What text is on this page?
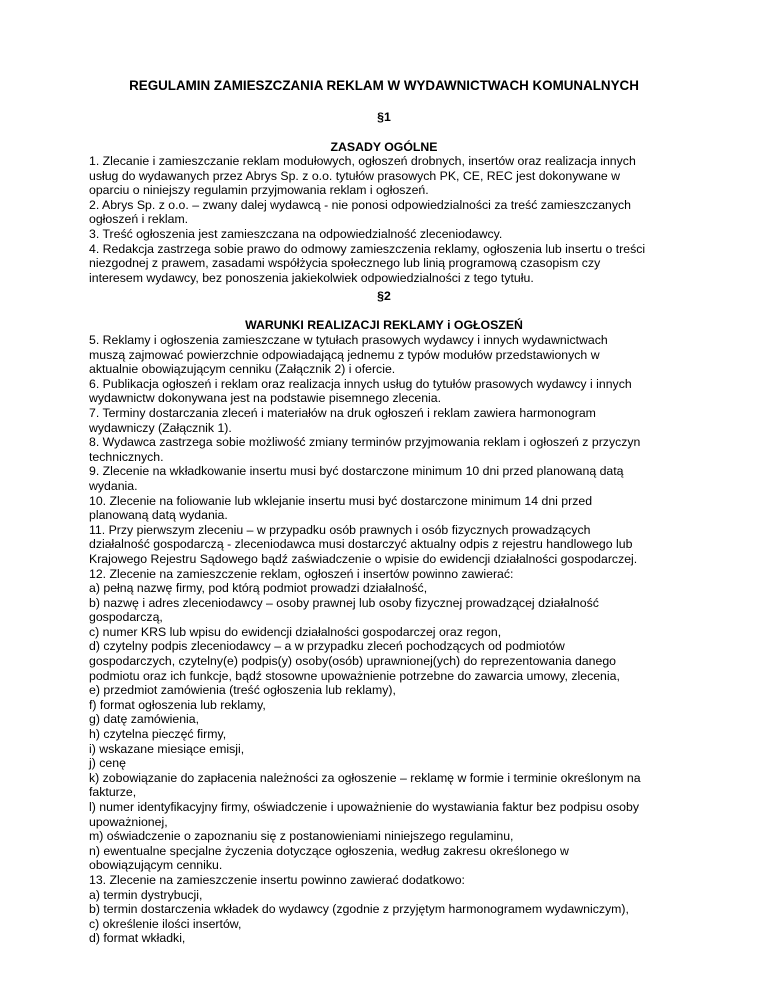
REGULAMIN ZAMIESZCZANIA REKLAM W WYDAWNICTWACH KOMUNALNYCH
§1
ZASADY OGÓLNE

1. Zlecanie i zamieszczanie reklam modułowych, ogłoszeń drobnych, insertów oraz realizacja innych

usług do wydawanych przez Abrys Sp. z o.o. tytułów prasowych PK, CE, REC jest dokonywane w

oparciu o niniejszy regulamin przyjmowania reklam i ogłoszeń.

2. Abrys Sp. z o.o. – zwany dalej wydawcą - nie ponosi odpowiedzialności za treść zamieszczanych

ogłoszeń i reklam.

3. Treść ogłoszenia jest zamieszczana na odpowiedzialność zleceniodawcy.

4. Redakcja zastrzega sobie prawo do odmowy zamieszczenia reklamy, ogłoszenia lub insertu o treści

niezgodnej z prawem, zasadami współżycia społecznego lub linią programową czasopism czy

interesem wydawcy, bez ponoszenia jakiekolwiek odpowiedzialności z tego tytułu.

§2
WARUNKI REALIZACJI REKLAMY i OGŁOSZEŃ

5. Reklamy i ogłoszenia zamieszczane w tytułach prasowych wydawcy i innych wydawnictwach

muszą zajmować powierzchnie odpowiadającą jednemu z typów modułów przedstawionych w

aktualnie obowiązującym cenniku (Załącznik 2) i ofercie.

6. Publikacja ogłoszeń i reklam oraz realizacja innych usług do tytułów prasowych wydawcy i innych

wydawnictw dokonywana jest na podstawie pisemnego zlecenia.

7. Terminy dostarczania zleceń i materiałów na druk ogłoszeń i reklam zawiera harmonogram

wydawniczy (Załącznik 1).

8. Wydawca zastrzega sobie możliwość zmiany terminów przyjmowania reklam i ogłoszeń z przyczyn

technicznych.

9. Zlecenie na wkładkowanie insertu musi być dostarczone minimum 10 dni przed planowaną datą

wydania.

10. Zlecenie na foliowanie lub wklejanie insertu musi być dostarczone minimum 14 dni przed

planowaną datą wydania.

11. Przy pierwszym zleceniu – w przypadku osób prawnych i osób fizycznych prowadzących

działalność gospodarczą - zleceniodawca musi dostarczyć aktualny odpis z rejestru handlowego lub

Krajowego Rejestru Sądowego bądź zaświadczenie o wpisie do ewidencji działalności gospodarczej.

12. Zlecenie na zamieszczenie reklam, ogłoszeń i insertów powinno zawierać:

a) pełną nazwę firmy, pod którą podmiot prowadzi działalność,

b) nazwę i adres zleceniodawcy – osoby prawnej lub osoby fizycznej prowadzącej działalność

gospodarczą,

c) numer KRS lub wpisu do ewidencji działalności gospodarczej oraz regon,

d) czytelny podpis zleceniodawcy – a w przypadku zleceń pochodzących od podmiotów

gospodarczych, czytelny(e) podpis(y) osoby(osób) uprawnionej(ych) do reprezentowania danego

podmiotu oraz ich funkcje, bądź stosowne upoważnienie potrzebne do zawarcia umowy, zlecenia,

e) przedmiot zamówienia (treść ogłoszenia lub reklamy),

f) format ogłoszenia lub reklamy,

g) datę zamówienia,

h) czytelna pieczęć firmy,

i) wskazane miesiące emisji,

j) cenę

k) zobowiązanie do zapłacenia należności za ogłoszenie – reklamę w formie i terminie określonym na

fakturze,

l) numer identyfikacyjny firmy, oświadczenie i upoważnienie do wystawiania faktur bez podpisu osoby

upoważnionej,

m) oświadczenie o zapoznaniu się z postanowieniami niniejszego regulaminu,

n) ewentualne specjalne życzenia dotyczące ogłoszenia, według zakresu określonego w

obowiązującym cenniku.

13. Zlecenie na zamieszczenie insertu powinno zawierać dodatkowo:

a) termin dystrybucji,

b) termin dostarczenia wkładek do wydawcy (zgodnie z przyjętym harmonogramem wydawniczym),

c) określenie ilości insertów,

d) format wkładki,
